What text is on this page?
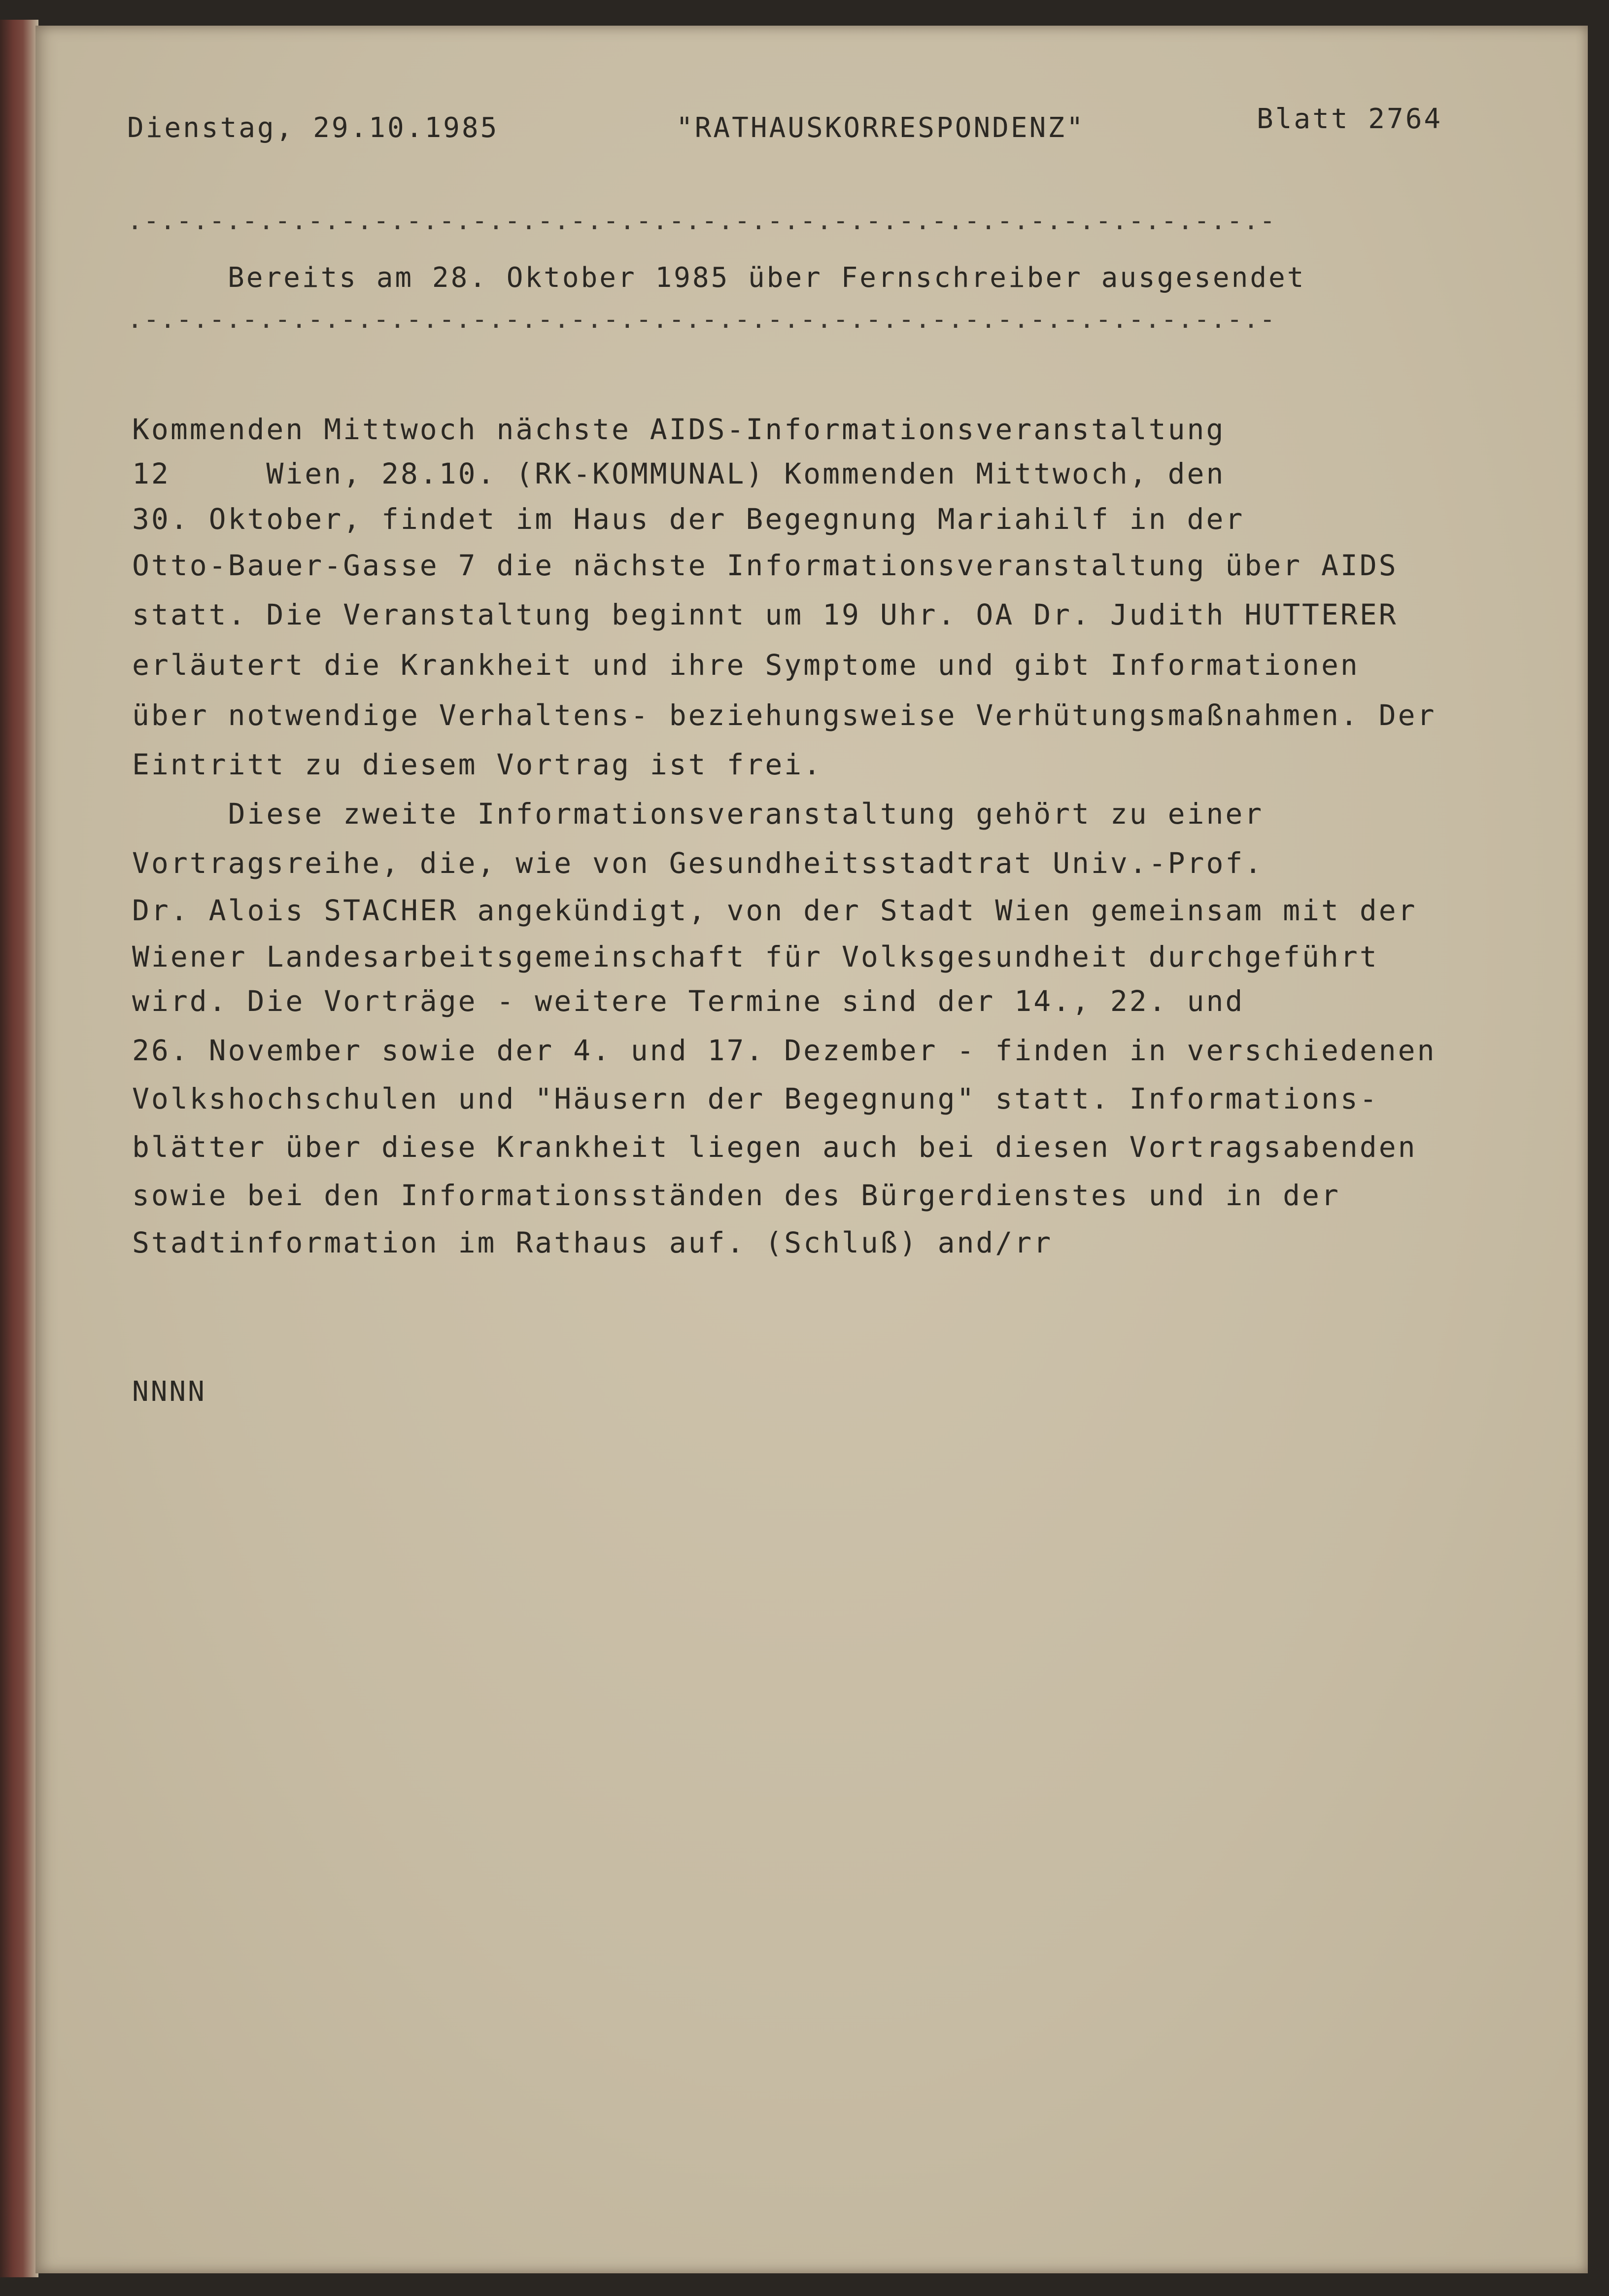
Dienstag, 29.10.1985	"RATHAUSKORRESPONDENZ"	Blatt 2764
.-.-.-.-.-.-.-.-.-.-.-.-.-.-.-.-.-.-.-.-.-.-.-.-.-.-.-.-.-.-.-.-.-.-.-
Bereits am 28. Oktober 1985 über Fernschreiber ausgesendet
.-.-.-.-.-.-.-.-.-.-.-.-.-.-.-.-.-.-.-.-.-.-.-.-.-.-.-.-.-.-.-.-.-.-.-
Kommenden Mittwoch nächste AIDS-Informationsveranstaltung
12     Wien, 28.10. (RK-KOMMUNAL) Kommenden Mittwoch, den
30. Oktober, findet im Haus der Begegnung Mariahilf in der
Otto-Bauer-Gasse 7 die nächste Informationsveranstaltung über AIDS
statt. Die Veranstaltung beginnt um 19 Uhr. OA Dr. Judith HUTTERER
erläutert die Krankheit und ihre Symptome und gibt Informationen
über notwendige Verhaltens- beziehungsweise Verhütungsmaßnahmen. Der
Eintritt zu diesem Vortrag ist frei.
Diese zweite Informationsveranstaltung gehört zu einer
Vortragsreihe, die, wie von Gesundheitsstadtrat Univ.-Prof.
Dr. Alois STACHER angekündigt, von der Stadt Wien gemeinsam mit der
Wiener Landesarbeitsgemeinschaft für Volksgesundheit durchgeführt
wird. Die Vorträge - weitere Termine sind der 14., 22. und
26. November sowie der 4. und 17. Dezember - finden in verschiedenen
Volkshochschulen und "Häusern der Begegnung" statt. Informations-
blätter über diese Krankheit liegen auch bei diesen Vortragsabenden
sowie bei den Informationsständen des Bürgerdienstes und in der
Stadtinformation im Rathaus auf. (Schluß) and/rr
NNNN
